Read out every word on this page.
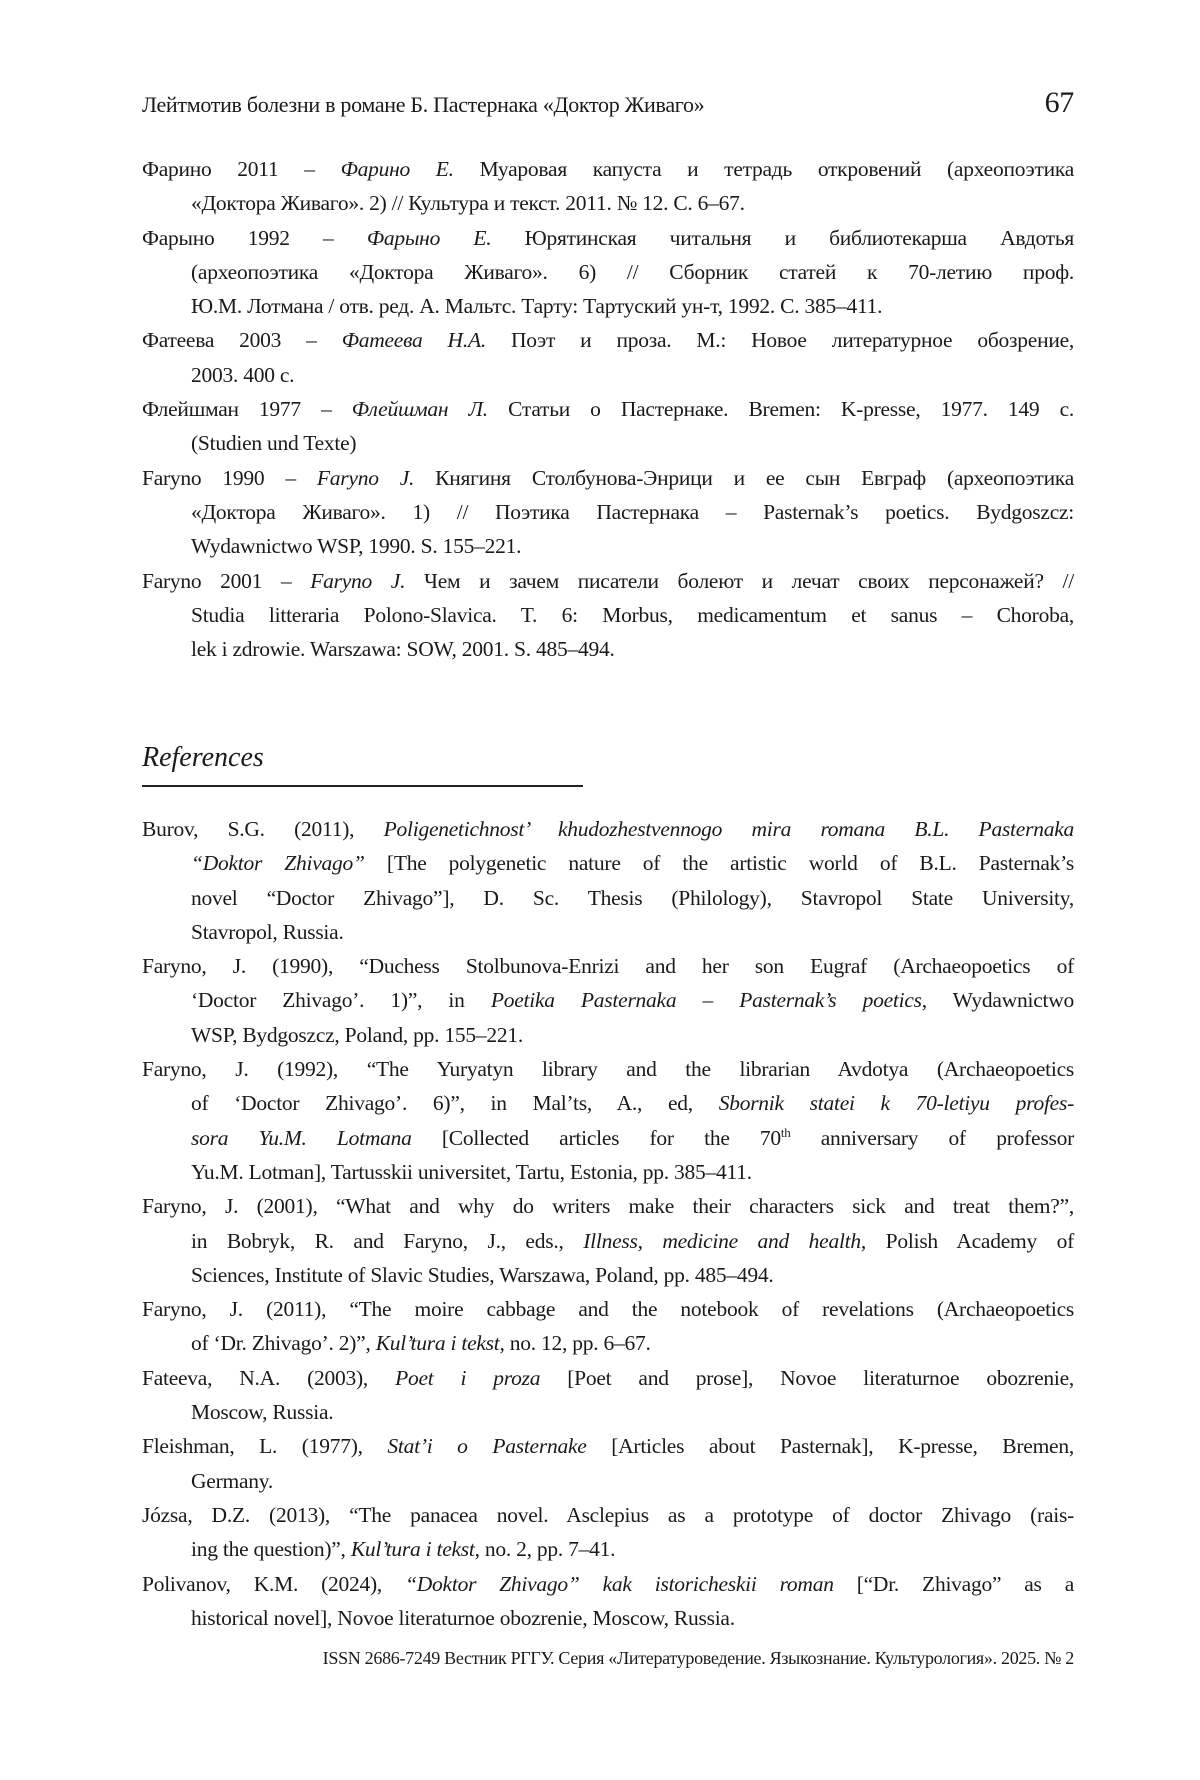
Лейтмотив болезни в романе Б. Пастернака «Доктор Живаго»	67
Фарино 2011 – Фарино Е. Муаровая капуста и тетрадь откровений (археопоэтика
«Доктора Живаго». 2) // Культура и текст. 2011. № 12. С. 6–67.
Фарыно 1992 – Фарыно Е. Юрятинская читальня и библиотекарша Авдотья
(археопоэтика «Доктора Живаго». 6) // Сборник статей к 70-летию проф.
Ю.М. Лотмана / отв. ред. А. Мальтс. Тарту: Тартуский ун-т, 1992. С. 385–411.
Фатеева 2003 – Фатеева Н.А. Поэт и проза. М.: Новое литературное обозрение,
2003. 400 с.
Флейшман 1977 – Флейшман Л. Статьи о Пастернаке. Bremen: K-presse, 1977. 149 с.
(Studien und Texte)
Faryno 1990 – Faryno J. Княгиня Столбунова-Энрици и ее сын Евграф (археопоэтика
«Доктора Живаго». 1) // Поэтика Пастернака – Pasternak’s poetics. Bydgoszcz:
Wydawnictwo WSP, 1990. S. 155–221.
Faryno 2001 – Faryno J. Чем и зачем писатели болеют и лечат своих персонажей? //
Studia litteraria Polono-Slavica. T. 6: Morbus, medicamentum et sanus – Choroba,
lek i zdrowie. Warszawa: SOW, 2001. S. 485–494.
References
Burov, S.G. (2011), Poligenetichnost’ khudozhestvennogo mira romana B.L. Pasternaka
“Doktor Zhivago” [The polygenetic nature of the artistic world of B.L. Pasternak’s
novel “Doctor Zhivago”], D. Sc. Thesis (Philology), Stavropol State University,
Stavropol, Russia.
Faryno, J. (1990), “Duchess Stolbunova-Enrizi and her son Eugraf (Archaeopoetics of
‘Doctor Zhivago’. 1)”, in Poetika Pasternaka – Pasternak’s poetics, Wydawnictwo
WSP, Bydgoszcz, Poland, pp. 155–221.
Faryno, J. (1992), “The Yuryatyn library and the librarian Avdotya (Archaeopoetics
of ‘Doctor Zhivago’. 6)”, in Mal’ts, A., ed, Sbornik statei k 70-letiyu profes-
sora Yu.M. Lotmana [Collected articles for the 70th anniversary of professor
Yu.M. Lotman], Tartusskii universitet, Tartu, Estonia, pp. 385–411.
Faryno, J. (2001), “What and why do writers make their characters sick and treat them?”,
in Bobryk, R. and Faryno, J., eds., Illness, medicine and health, Polish Academy of
Sciences, Institute of Slavic Studies, Warszawa, Poland, pp. 485–494.
Faryno, J. (2011), “The moire cabbage and the notebook of revelations (Archaeopoetics
of ‘Dr. Zhivago’. 2)”, Kul’tura i tekst, no. 12, pp. 6–67.
Fateeva, N.A. (2003), Poet i proza [Poet and prose], Novoe literaturnoe obozrenie,
Moscow, Russia.
Fleishman, L. (1977), Stat’i o Pasternake [Articles about Pasternak], K-presse, Bremen,
Germany.
Józsa, D.Z. (2013), “The panacea novel. Asclepius as a prototype of doctor Zhivago (rais-
ing the question)”, Kul’tura i tekst, no. 2, pp. 7–41.
Polivanov, K.M. (2024), “Doktor Zhivago” kak istoricheskii roman [“Dr. Zhivago” as a
historical novel], Novoe literaturnoe obozrenie, Moscow, Russia.
ISSN 2686-7249 Вестник РГГУ. Серия «Литературоведение. Языкознание. Культурология». 2025. № 2
